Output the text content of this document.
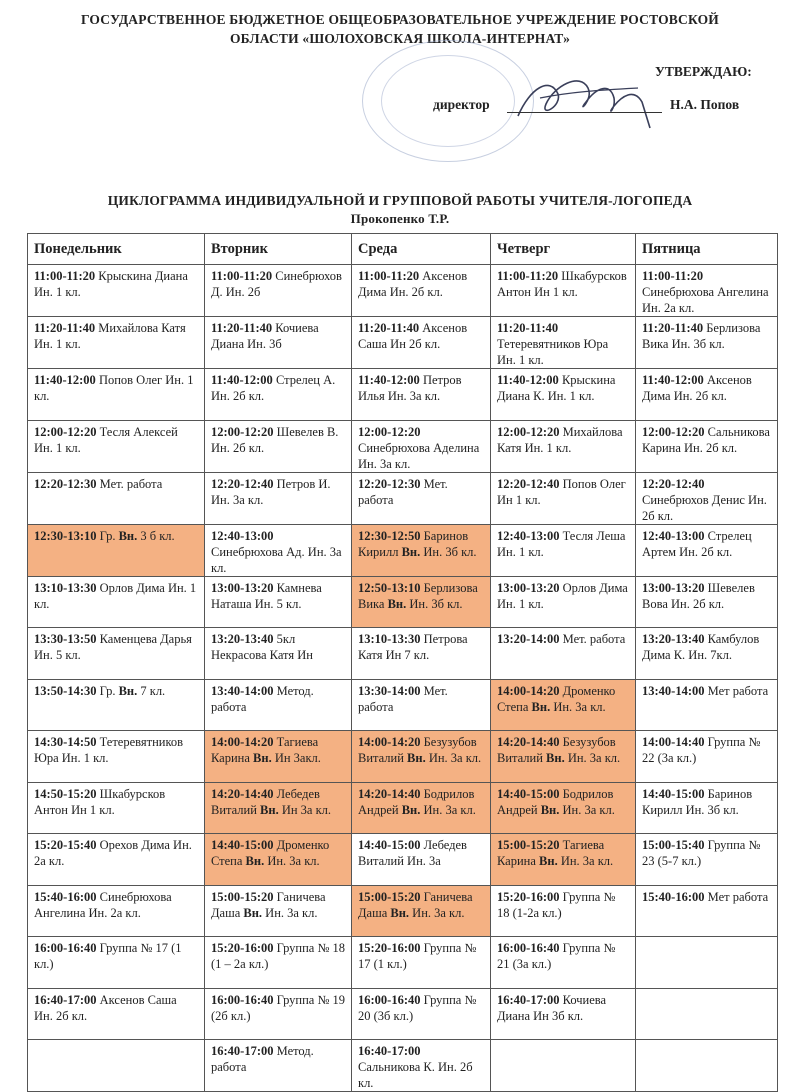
ГОСУДАРСТВЕННОЕ БЮДЖЕТНОЕ ОБЩЕОБРАЗОВАТЕЛЬНОЕ УЧРЕЖДЕНИЕ РОСТОВСКОЙ
ОБЛАСТИ «ШОЛОХОВСКАЯ ШКОЛА-ИНТЕРНАТ»
УТВЕРЖДАЮ:
директор	Н.А. Попов
ЦИКЛОГРАММА ИНДИВИДУАЛЬНОЙ И ГРУППОВОЙ РАБОТЫ УЧИТЕЛЯ-ЛОГОПЕДА
Прокопенко Т.Р.
Понедельник	Вторник	Среда	Четверг	Пятница
11:00-11:20 Крыскина Диана Ин. 1 кл.	11:00-11:20 Синебрюхов Д. Ин. 2б	11:00-11:20 Аксенов Дима Ин. 2б кл.	11:00-11:20 Шкабурсков Антон Ин 1 кл.	11:00-11:20 Синебрюхова Ангелина Ин. 2а кл.
11:20-11:40 Михайлова Катя Ин. 1 кл.	11:20-11:40 Кочиева Диана Ин. 3б	11:20-11:40 Аксенов Саша Ин 2б кл.	11:20-11:40 Тетеревятников Юра Ин. 1 кл.	11:20-11:40 Берлизова Вика Ин. 3б кл.
11:40-12:00 Попов Олег Ин. 1 кл.	11:40-12:00 Стрелец А. Ин. 2б кл.	11:40-12:00 Петров Илья Ин. 3а кл.	11:40-12:00 Крыскина Диана К. Ин. 1 кл.	11:40-12:00 Аксенов Дима Ин. 2б кл.
12:00-12:20 Тесля Алексей Ин. 1 кл.	12:00-12:20 Шевелев В. Ин. 2б кл.	12:00-12:20 Синебрюхова Аделина Ин. 3а кл.	12:00-12:20 Михайлова Катя Ин. 1 кл.	12:00-12:20 Сальникова Карина Ин. 2б кл.
12:20-12:30 Мет. работа	12:20-12:40 Петров И. Ин. 3а кл.	12:20-12:30 Мет. работа	12:20-12:40 Попов Олег Ин 1 кл.	12:20-12:40 Синебрюхов Денис Ин. 2б кл.
12:30-13:10 Гр. Вн. 3 б кл.	12:40-13:00 Синебрюхова Ад. Ин. 3а кл.	12:30-12:50 Баринов Кирилл Вн. Ин. 3б кл.	12:40-13:00 Тесля Леша Ин. 1 кл.	12:40-13:00 Стрелец Артем Ин. 2б кл.
13:10-13:30 Орлов Дима Ин. 1 кл.	13:00-13:20 Камнева Наташа Ин. 5 кл.	12:50-13:10 Берлизова Вика Вн. Ин. 3б кл.	13:00-13:20 Орлов Дима Ин. 1 кл.	13:00-13:20 Шевелев Вова Ин. 2б кл.
13:30-13:50 Каменцева Дарья Ин. 5 кл.	13:20-13:40 5кл Некрасова Катя Ин	13:10-13:30 Петрова Катя Ин 7 кл.	13:20-14:00 Мет. работа	13:20-13:40 Камбулов Дима К. Ин. 7кл.
13:50-14:30 Гр. Вн. 7 кл.	13:40-14:00 Метод. работа	13:30-14:00 Мет. работа	14:00-14:20 Дроменко Степа Вн. Ин. 3а кл.	13:40-14:00 Мет работа
14:30-14:50 Тетеревятников Юра Ин. 1 кл.	14:00-14:20 Тагиева Карина Вн. Ин 3акл.	14:00-14:20 Безузубов Виталий Вн. Ин. 3а кл.	14:20-14:40 Безузубов Виталий Вн. Ин. 3а кл.	14:00-14:40 Группа № 22 (3а кл.)
14:50-15:20 Шкабурсков Антон Ин 1 кл.	14:20-14:40 Лебедев Виталий Вн. Ин 3а кл.	14:20-14:40 Бодрилов Андрей Вн. Ин. 3а кл.	14:40-15:00 Бодрилов Андрей Вн. Ин. 3а кл.	14:40-15:00 Баринов Кирилл Ин. 3б кл.
15:20-15:40 Орехов Дима Ин. 2а кл.	14:40-15:00 Дроменко Степа Вн. Ин. 3а кл.	14:40-15:00 Лебедев Виталий Ин. 3а	15:00-15:20 Тагиева Карина Вн. Ин. 3а кл.	15:00-15:40 Группа № 23 (5-7 кл.)
15:40-16:00 Синебрюхова Ангелина Ин. 2а кл.	15:00-15:20 Ганичева Даша Вн. Ин. 3а кл.	15:00-15:20 Ганичева Даша Вн. Ин. 3а кл.	15:20-16:00 Группа № 18 (1-2а кл.)	15:40-16:00 Мет работа
16:00-16:40 Группа № 17 (1 кл.)	15:20-16:00 Группа № 18 (1 – 2а кл.)	15:20-16:00 Группа № 17 (1 кл.)	16:00-16:40 Группа № 21 (3а кл.)	
16:40-17:00 Аксенов Саша Ин. 2б кл.	16:00-16:40 Группа № 19 (2б кл.)	16:00-16:40 Группа № 20 (3б кл.)	16:40-17:00 Кочиева Диана Ин 3б кл.	
	16:40-17:00 Метод. работа	16:40-17:00 Сальникова К. Ин. 2б кл.		
